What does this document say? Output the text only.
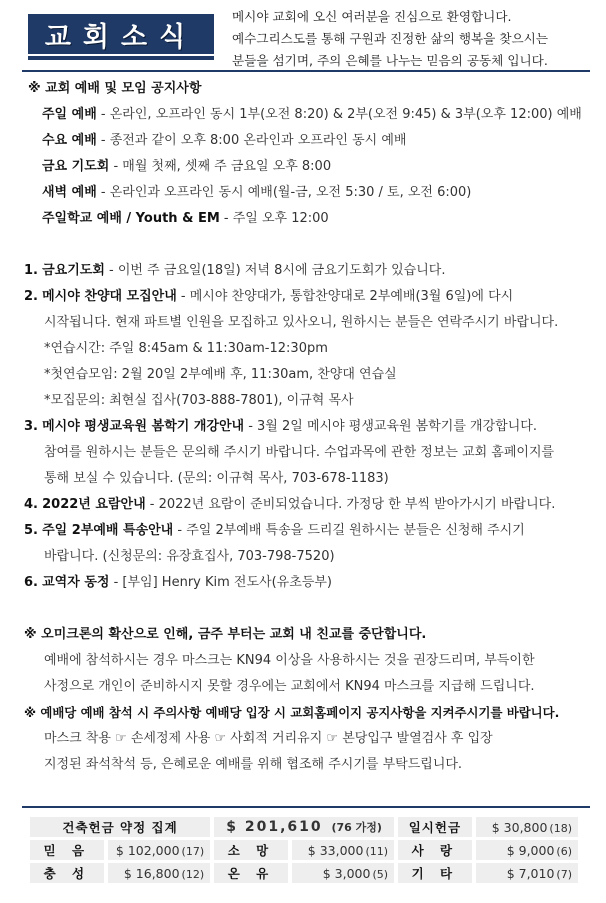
교회소식
메시야 교회에 오신 여러분을 진심으로 환영합니다.
예수그리스도를 통해 구원과 진정한 삶의 행복을 찾으시는
분들을 섬기며, 주의 은혜를 나누는 믿음의 공동체 입니다.
※ 교회 예배 및 모임 공지사항
주일 예배 - 온라인, 오프라인 동시 1부(오전 8:20) & 2부(오전 9:45) & 3부(오후 12:00) 예배
수요 예배 - 종전과 같이 오후 8:00 온라인과 오프라인 동시 예배
금요 기도회 - 매월 첫째, 셋째 주 금요일 오후 8:00
새벽 예배 - 온라인과 오프라인 동시 예배(월-금, 오전 5:30 / 토, 오전 6:00)
주일학교 예배 / Youth & EM - 주일 오후 12:00
1. 금요기도회 - 이번 주 금요일(18일) 저녁 8시에 금요기도회가 있습니다.
2. 메시야 찬양대 모집안내 - 메시야 찬양대가, 통합찬양대로 2부예배(3월 6일)에 다시
시작됩니다. 현재 파트별 인원을 모집하고 있사오니, 원하시는 분들은 연락주시기 바랍니다.
*연습시간: 주일 8:45am & 11:30am-12:30pm
*첫연습모임: 2월 20일 2부예배 후, 11:30am, 찬양대 연습실
*모집문의: 최현실 집사(703-888-7801), 이규혁 목사
3. 메시야 평생교육원 봄학기 개강안내 - 3월 2일 메시야 평생교육원 봄학기를 개강합니다.
참여를 원하시는 분들은 문의해 주시기 바랍니다. 수업과목에 관한 정보는 교회 홈페이지를
통해 보실 수 있습니다. (문의: 이규혁 목사, 703-678-1183)
4. 2022년 요람안내 - 2022년 요람이 준비되었습니다. 가정당 한 부씩 받아가시기 바랍니다.
5. 주일 2부예배 특송안내 - 주일 2부예배 특송을 드리길 원하시는 분들은 신청해 주시기
바랍니다. (신청문의: 유장효집사, 703-798-7520)
6. 교역자 동정 - [부임] Henry Kim 전도사(유초등부)
※ 오미크론의 확산으로 인해, 금주 부터는 교회 내 친교를 중단합니다.
예배에 참석하시는 경우 마스크는 KN94 이상을 사용하시는 것을 권장드리며, 부득이한
사정으로 개인이 준비하시지 못할 경우에는 교회에서 KN94 마스크를 지급해 드립니다.
※ 예배당 예배 참석 시 주의사항 예배당 입장 시 교회홈페이지 공지사항을 지켜주시기를 바랍니다.
마스크 착용 ☞ 손세정제 사용 ☞ 사회적 거리유지 ☞ 본당입구 발열검사 후 입장
지정된 좌석착석 등, 은혜로운 예배를 위해 협조해 주시기를 부탁드립니다.
건축헌금 약정 집계		$ 201,610 (76 가정)		일시헌금	$ 30,800 (18)
믿 음	$ 102,000 (17)	소 망	$ 33,000 (11)	사 랑	$ 9,000 (6)
충 성	$ 16,800 (12)	온 유	$ 3,000 (5)	기 타	$ 7,010 (7)
